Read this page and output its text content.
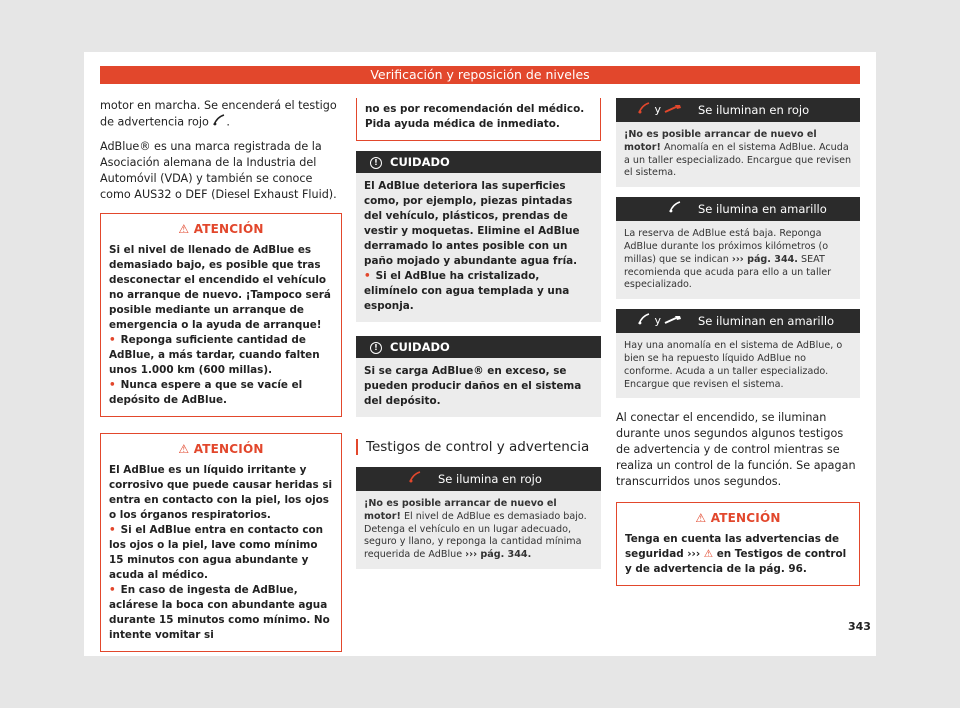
Verificación y reposición de niveles

motor en marcha. Se encenderá el testigo de advertencia rojo .

AdBlue® es una marca registrada de la Asociación alemana de la Industria del Automóvil (VDA) y también se conoce como AUS32 o DEF (Diesel Exhaust Fluid).

⚠ ATENCIÓN
Si el nivel de llenado de AdBlue es demasiado bajo, es posible que tras desconectar el encendido el vehículo no arranque de nuevo. ¡Tampoco será posible mediante un arranque de emergencia o la ayuda de arranque!
• Reponga suficiente cantidad de AdBlue, a más tardar, cuando falten unos 1.000 km (600 millas).
• Nunca espere a que se vacíe el depósito de AdBlue.
⚠ ATENCIÓN
El AdBlue es un líquido irritante y corrosivo que puede causar heridas si entra en contacto con la piel, los ojos o los órganos respiratorios.
• Si el AdBlue entra en contacto con los ojos o la piel, lave como mínimo 15 minutos con agua abundante y acuda al médico.
• En caso de ingesta de AdBlue, aclárese la boca con abundante agua durante 15 minutos como mínimo. No intente vomitar si
no es por recomendación del médico. Pida ayuda médica de inmediato.
! CUIDADO
El AdBlue deteriora las superficies como, por ejemplo, piezas pintadas del vehículo, plásticos, prendas de vestir y moquetas. Elimine el AdBlue derramado lo antes posible con un paño mojado y abundante agua fría.
• Si el AdBlue ha cristalizado, elimínelo con agua templada y una esponja.
! CUIDADO
Si se carga AdBlue® en exceso, se pueden producir daños en el sistema del depósito.
Testigos de control y advertencia
Se ilumina en rojo
¡No es posible arrancar de nuevo el motor! El nivel de AdBlue es demasiado bajo. Detenga el vehículo en un lugar adecuado, seguro y llano, y reponga la cantidad mínima requerida de AdBlue ››› pág. 344.
y	Se iluminan en rojo
¡No es posible arrancar de nuevo el motor! Anomalía en el sistema AdBlue. Acuda a un taller especializado. Encargue que revisen el sistema.
Se ilumina en amarillo
La reserva de AdBlue está baja. Reponga AdBlue durante los próximos kilómetros (o millas) que se indican ››› pág. 344. SEAT recomienda que acuda para ello a un taller especializado.
y	Se iluminan en amarillo
Hay una anomalía en el sistema de AdBlue, o bien se ha repuesto líquido AdBlue no conforme. Acuda a un taller especializado. Encargue que revisen el sistema.

Al conectar el encendido, se iluminan durante unos segundos algunos testigos de advertencia y de control mientras se realiza un control de la función. Se apagan transcurridos unos segundos.

⚠ ATENCIÓN
Tenga en cuenta las advertencias de seguridad ››› ⚠ en Testigos de control y de advertencia de la pág. 96.
343
